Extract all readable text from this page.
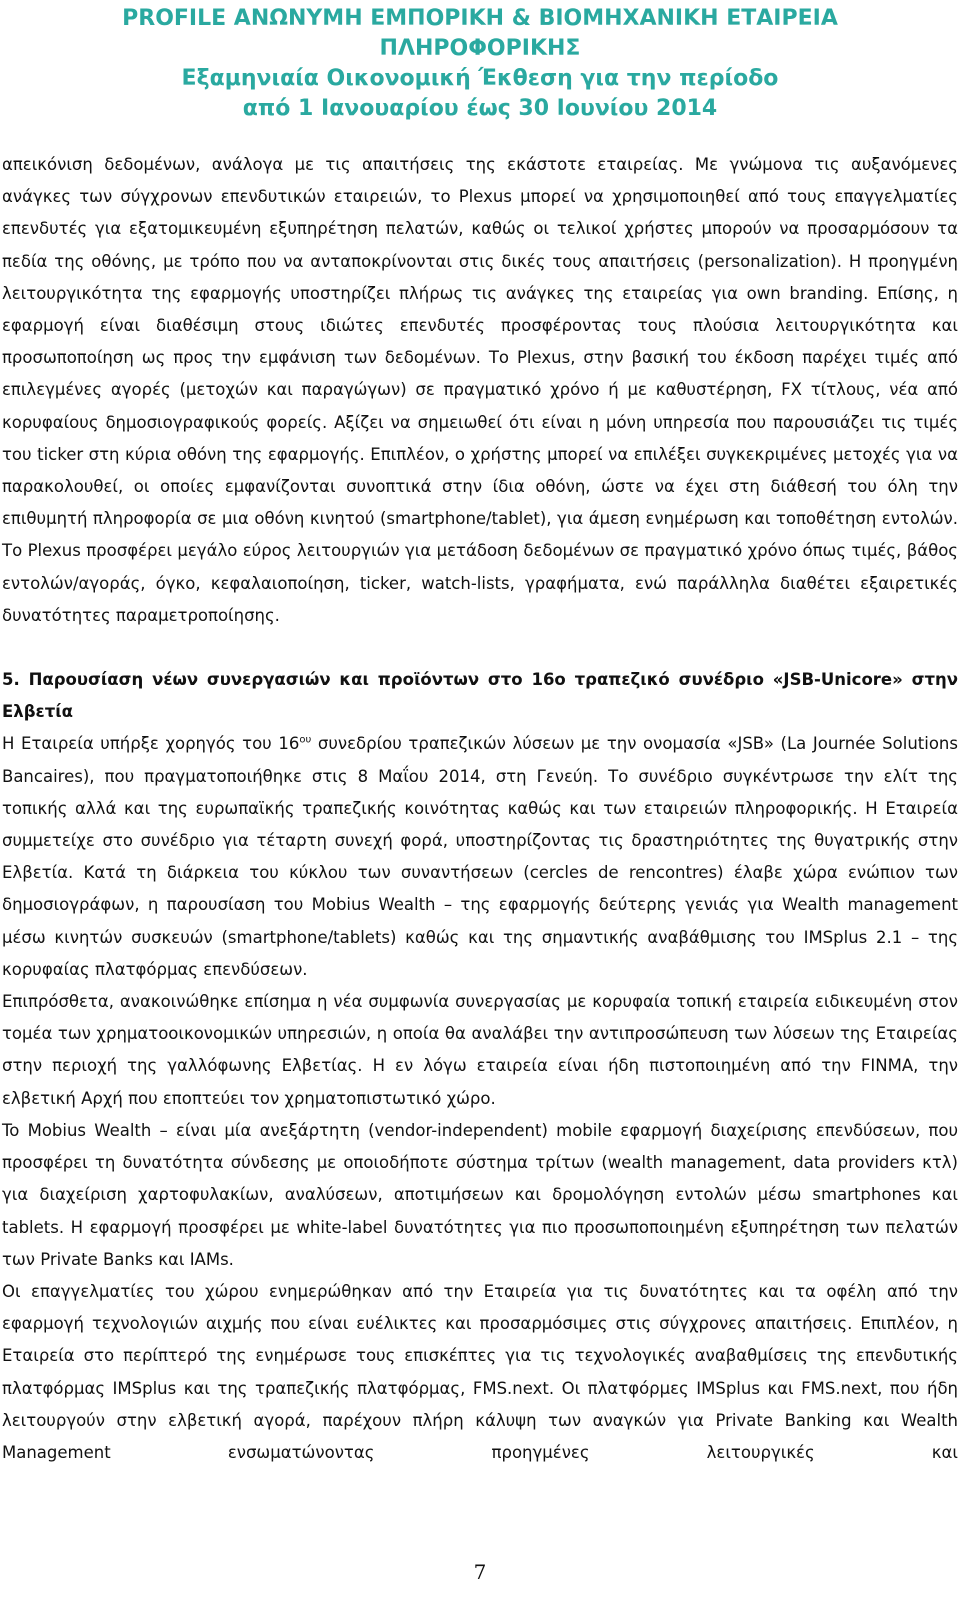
PROFILE ΑΝΩΝΥΜΗ ΕΜΠΟΡΙΚΗ & ΒΙΟΜΗΧΑΝΙΚΗ ΕΤΑΙΡΕΙΑ
ΠΛΗΡΟΦΟΡΙΚΗΣ
Εξαμηνιαία Οικονομική Έκθεση για την περίοδο
από 1 Ιανουαρίου έως 30 Ιουνίου 2014

απεικόνιση δεδομένων, ανάλογα με τις απαιτήσεις της εκάστοτε εταιρείας. Με γνώμονα τις αυξανόμενες ανάγκες των σύγχρονων επενδυτικών εταιρειών, το Plexus μπορεί να χρησιμοποιηθεί από τους επαγγελματίες επενδυτές για εξατομικευμένη εξυπηρέτηση πελατών, καθώς οι τελικοί χρήστες μπορούν να προσαρμόσουν τα πεδία της οθόνης, με τρόπο που να ανταποκρίνονται στις δικές τους απαιτήσεις (personalization). Η προηγμένη λειτουργικότητα της εφαρμογής υποστηρίζει πλήρως τις ανάγκες της εταιρείας για own branding. Επίσης, η εφαρμογή είναι διαθέσιμη στους ιδιώτες επενδυτές προσφέροντας τους πλούσια λειτουργικότητα και προσωποποίηση ως προς την εμφάνιση των δεδομένων. Το Plexus, στην βασική του έκδοση παρέχει τιμές από επιλεγμένες αγορές (μετοχών και παραγώγων) σε πραγματικό χρόνο ή με καθυστέρηση, FX τίτλους, νέα από κορυφαίους δημοσιογραφικούς φορείς. Αξίζει να σημειωθεί ότι είναι η μόνη υπηρεσία που παρουσιάζει τις τιμές του ticker στη κύρια οθόνη της εφαρμογής. Επιπλέον, ο χρήστης μπορεί να επιλέξει συγκεκριμένες μετοχές για να παρακολουθεί, οι οποίες εμφανίζονται συνοπτικά στην ίδια οθόνη, ώστε να έχει στη διάθεσή του όλη την επιθυμητή πληροφορία σε μια οθόνη κινητού (smartphone/tablet), για άμεση ενημέρωση και τοποθέτηση εντολών. Το Plexus προσφέρει μεγάλο εύρος λειτουργιών για μετάδοση δεδομένων σε πραγματικό χρόνο όπως τιμές, βάθος εντολών/αγοράς, όγκο, κεφαλαιοποίηση, ticker, watch-lists, γραφήματα, ενώ παράλληλα διαθέτει εξαιρετικές δυνατότητες παραμετροποίησης.

5. Παρουσίαση νέων συνεργασιών και προϊόντων στο 16ο τραπεζικό συνέδριο «JSB-Unicore» στην Ελβετία

Η Εταιρεία υπήρξε χορηγός του $16^{o\upsilon}$ συνεδρίου τραπεζικών λύσεων με την ονομασία «JSB» (La Journée Solutions Bancaires), που πραγματοποιήθηκε στις 8 Μαΐου 2014, στη Γενεύη. Το συνέδριο συγκέντρωσε την ελίτ της τοπικής αλλά και της ευρωπαϊκής τραπεζικής κοινότητας καθώς και των εταιρειών πληροφορικής. Η Εταιρεία συμμετείχε στο συνέδριο για τέταρτη συνεχή φορά, υποστηρίζοντας τις δραστηριότητες της θυγατρικής στην Ελβετία. Κατά τη διάρκεια του κύκλου των συναντήσεων (cercles de rencontres) έλαβε χώρα ενώπιον των δημοσιογράφων, η παρουσίαση του Mobius Wealth – της εφαρμογής δεύτερης γενιάς για Wealth management μέσω κινητών συσκευών (smartphone/tablets) καθώς και της σημαντικής αναβάθμισης του IMSplus 2.1 – της κορυφαίας πλατφόρμας επενδύσεων.

Επιπρόσθετα, ανακοινώθηκε επίσημα η νέα συμφωνία συνεργασίας με κορυφαία τοπική εταιρεία ειδικευμένη στον τομέα των χρηματοοικονομικών υπηρεσιών, η οποία θα αναλάβει την αντιπροσώπευση των λύσεων της Εταιρείας στην περιοχή της γαλλόφωνης Ελβετίας. Η εν λόγω εταιρεία είναι ήδη πιστοποιημένη από την FINMA, την ελβετική Αρχή που εποπτεύει τον χρηματοπιστωτικό χώρο.

To Mobius Wealth – είναι μία ανεξάρτητη (vendor-independent) mobile εφαρμογή διαχείρισης επενδύσεων, που προσφέρει τη δυνατότητα σύνδεσης με οποιοδήποτε σύστημα τρίτων (wealth management, data providers κτλ) για διαχείριση χαρτοφυλακίων, αναλύσεων, αποτιμήσεων και δρομολόγηση εντολών μέσω smartphones και tablets. Η εφαρμογή προσφέρει με white-label δυνατότητες για πιο προσωποποιημένη εξυπηρέτηση των πελατών των Private Banks και IAMs.

Οι επαγγελματίες του χώρου ενημερώθηκαν από την Εταιρεία για τις δυνατότητες και τα οφέλη από την εφαρμογή τεχνολογιών αιχμής που είναι ευέλικτες και προσαρμόσιμες στις σύγχρονες απαιτήσεις. Επιπλέον, η Εταιρεία στο περίπτερό της ενημέρωσε τους επισκέπτες για τις τεχνολογικές αναβαθμίσεις της επενδυτικής πλατφόρμας IMSplus και της τραπεζικής πλατφόρμας, FMS.next. Οι πλατφόρμες IMSplus και FMS.next, που ήδη λειτουργούν στην ελβετική αγορά, παρέχουν πλήρη κάλυψη των αναγκών για Private Banking και Wealth Management ενσωματώνοντας προηγμένες λειτουργικές και

7
